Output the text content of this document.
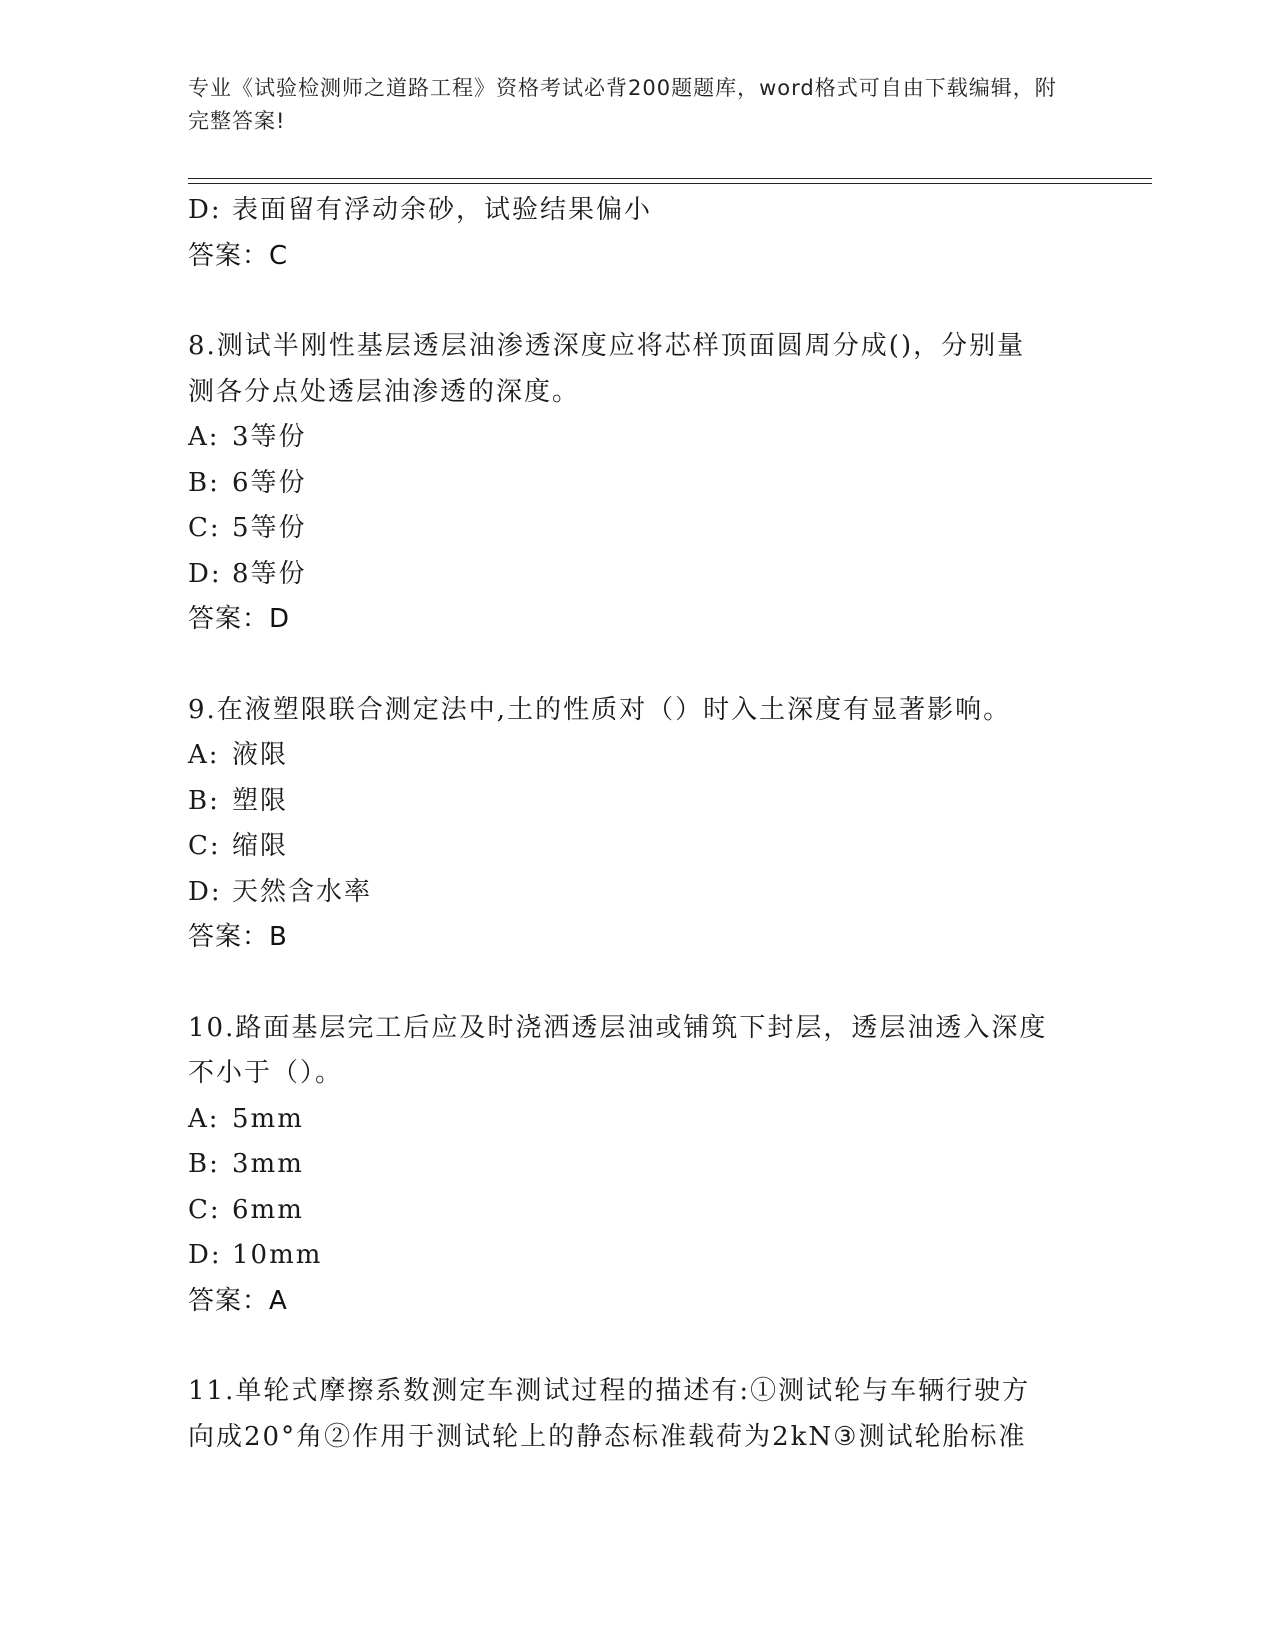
专业《试验检测师之道路工程》资格考试必背200题题库，word格式可自由下载编辑，附完整答案!
D: 表面留有浮动余砂，试验结果偏小
答案：C
8.测试半刚性基层透层油渗透深度应将芯样顶面圆周分成()，分别量
测各分点处透层油渗透的深度。
A: 3等份
B: 6等份
C: 5等份
D: 8等份
答案：D
9.在液塑限联合测定法中,土的性质对（）时入土深度有显著影响。
A: 液限
B: 塑限
C: 缩限
D: 天然含水率
答案：B
10.路面基层完工后应及时浇洒透层油或铺筑下封层，透层油透入深度
不小于（）。
A: 5mm
B: 3mm
C: 6mm
D: 10mm
答案：A
11.单轮式摩擦系数测定车测试过程的描述有:①测试轮与车辆行驶方
向成20°角②作用于测试轮上的静态标准载荷为2kN③测试轮胎标准
